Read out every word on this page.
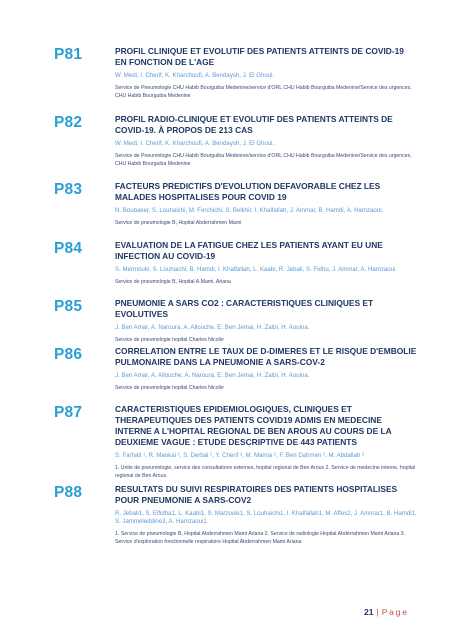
P81	PROFIL CLINIQUE ET EVOLUTIF DES PATIENTS ATTEINTS DE COVID-19 EN FONCTION DE L'AGE

W. Medi, I. Cherif, K. Kharchoufi, A. Bendaysh, J. El Ghoul.

Service de Pneumologie CHU Habib Bourguiba Medenine/service d'ORL CHU Habib Bourguiba Medenine/Service des urgences, CHU Habib Bourguiba Medenine

P82	PROFIL RADIO-CLINIQUE ET EVOLUTIF DES PATIENTS ATTEINTS DE COVID-19. À PROPOS DE 213 CAS

W. Medi, I. Cherif, K. Kharchoufi, A. Bendaysh, J. El Ghoul.

Service de Pneumologie CHU Habib Bourguiba Medenine/service d'ORL CHU Habib Bourguiba Medenine/Service des urgences, CHU Habib Bourguiba Medenine

P83	FACTEURS PREDICTIFS D'EVOLUTION DEFAVORABLE CHEZ LES MALADES HOSPITALISES POUR COVID 19

N. Boubaker, S. Louhaichi, M. Ferchichi, S. Belkhir, I. Khalfallah, J. Ammar, B. Hamdi, A. Hamzaoui.

Service de pneumologie B, Hopital Abderrahmen Mami

P84	EVALUATION DE LA FATIGUE CHEZ LES PATIENTS AYANT EU UNE INFECTION AU COVID-19

S. Mermouki, S. Louhaichi, B. Hamdi, I. Khalfallah, L. Kaabi, R. Jebali, S. Fidhu, J. Ammar, A. Hamzaoui.

Service de pneumologie B, Hopital A.Mami, Ariana

P85	PNEUMONIE A SARS CO2 : CARACTERISTIQUES CLINIQUES ET EVOLUTIVES

J. Ben Amar, A. Naroura, A. Allouche, E. Ben Jemai, H. Zaibi, H. Aouina.

Service de pneumologie hopital Charles Nicolle

P86	CORRELATION ENTRE LE TAUX DE D-DIMERES ET LE RISQUE D'EMBOLIE PULMONAIRE DANS LA PNEUMONIE A SARS-COV-2

J. Ben Amar, A. Allouche, A. Naroura, E. Ben Jemai, H. Zaibi, H. Aouina.

Service de pneumologie hopital Charles Nicolle

P87	CARACTERISTIQUES EPIDEMIOLOGIQUES, CLINIQUES ET THERAPEUTIQUES DES PATIENTS COVID19 ADMIS EN MEDECINE INTERNE A L'HOPITAL REGIONAL DE BEN AROUS AU COURS DE LA DEUXIEME VAGUE : ETUDE DESCRIPTIVE DE 443 PATIENTS

S. Farhati ¹, R. Mankai ², S. Derbal ², Y. Cherif ², M. Mamia ², F. Ben Dahmen ², M. Abdallah ²

1. Unite de pneumologie, service des consultations externes, hopital regional de Ben Arous 2. Service de medecine interne, hopital regional de Ben Arous.

P88	RESULTATS DU SUIVI RESPIRATOIRES DES PATIENTS HOSPITALISES POUR PNEUMONIE A SARS-COV2

R. Jebali1, S. Elfidha1, L. Kaabi1, S. Marzouki1, S. Louhaichi1, I. Khalfallah1, M. Affes2, J. Ammar1, B. Hamdi1, S. Jammeleddine3, A. Hamzaoui1

1. Service de pneumologie B, Hopital Abderrahmen Mami Ariana 2. Service de radiologie Hopital Abderrahmen Mami Ariana 3. Service d'exploration fonctionnelle respiratoire Hopital Abderrahmen Mami Ariana

21 | Page
